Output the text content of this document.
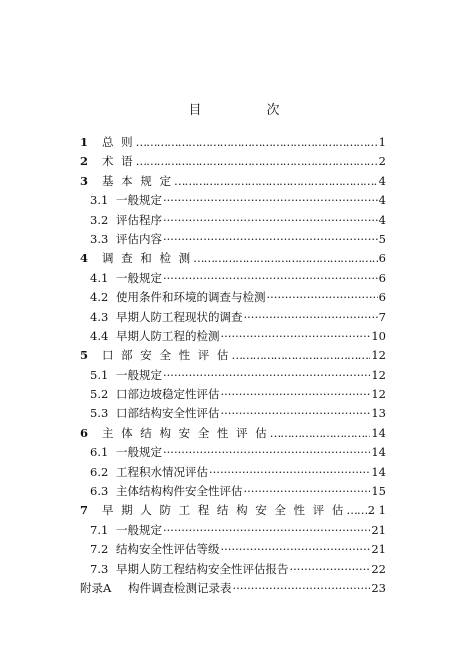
目　次
1	总 则 …………………………………………………………………………………………………………	1
2	术 语 …………………………………………………………………………………………………………	2
3	基 本 规 定 …………………………………………………………………………………………………………	4
3.1 一般规定 ·····	4
3.2 评估程序 ·····	4
3.3 评估内容 ·····	5
4	调 查 和 检 测 …………………………………………………………………………………………………………	6
4.1 一般规定 ·····	6
4.2 使用条件和环境的调查与检测 ·····	6
4.3 早期人防工程现状的调查 ·····	7
4.4 早期人防工程的检测 ·····	10
5	口 部 安 全 性 评 估 …………………………………………………………………………………………………………	12
5.1 一般规定 ·····	12
5.2 口部边坡稳定性评估 ·····	12
5.3 口部结构安全性评估 ·····	13
6	主 体 结 构 安 全 性 评 估 …………………………………………………………………………………………………………	14
6.1 一般规定 ·····	14
6.2 工程积水情况评估 ·····	14
6.3 主体结构构件安全性评估 ·····	15
7	早 期 人 防 工 程 结 构 安 全 性 评 估 ………………………………………………………………………………………………………… 2 1
7.1 一般规定 ·····	21
7.2 结构安全性评估等级 ·····	21
7.3 早期人防工程结构安全性评估报告 ·····	22
附录A	构件调查检测记录表 ·····	23
